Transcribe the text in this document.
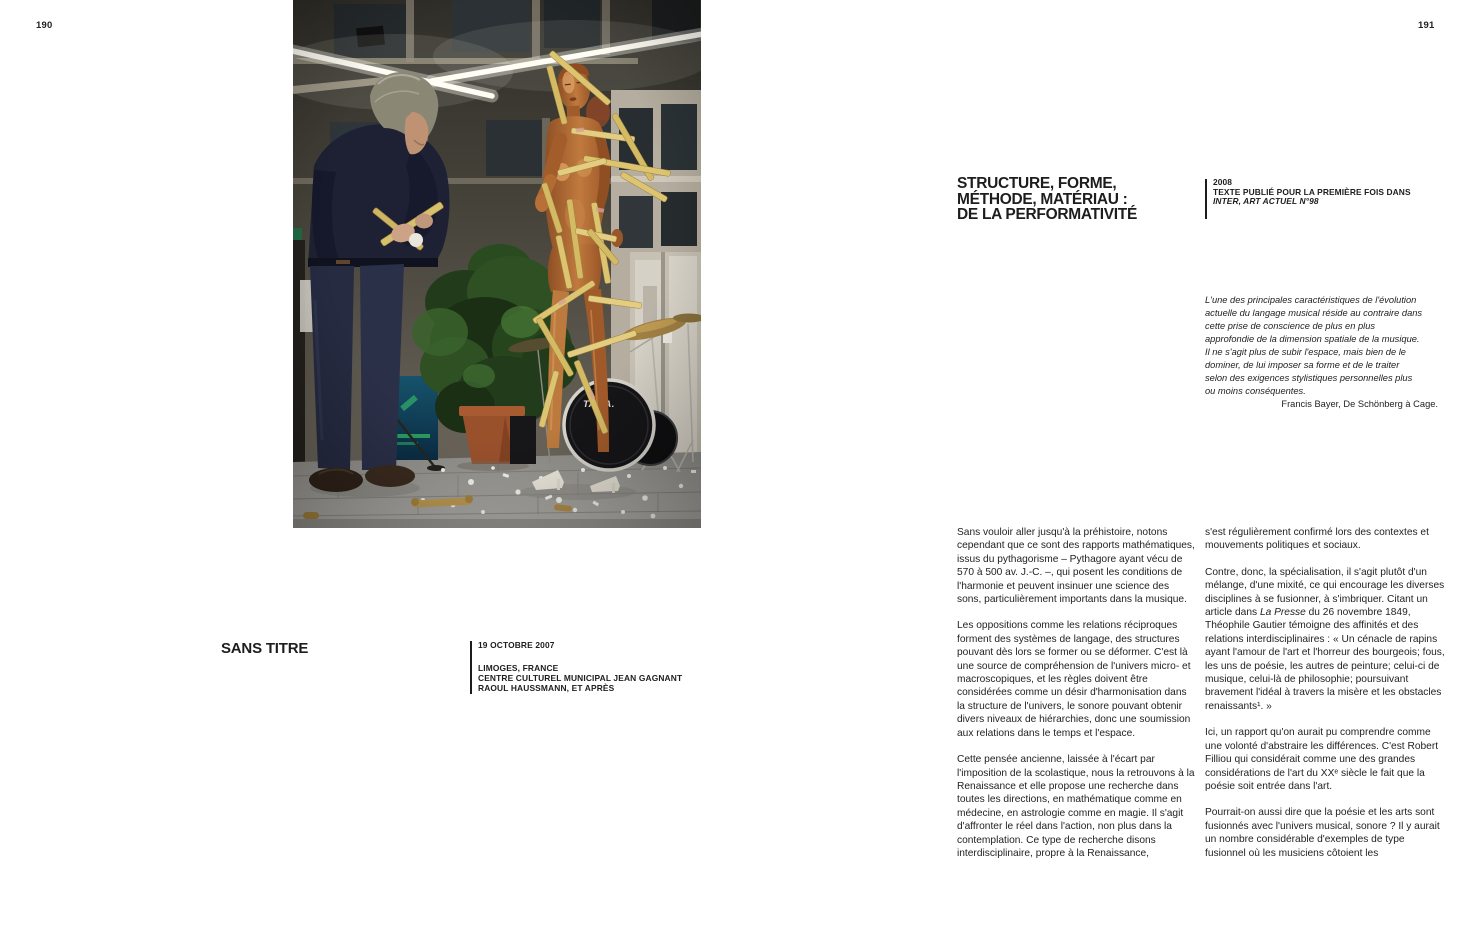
190	191
SANS TITRE	19 OCTOBRE 2007
LIMOGES, FRANCE
CENTRE CULTUREL MUNICIPAL JEAN GAGNANT
RAOUL HAUSSMANN, ET APRÈS
STRUCTURE, FORME,
MÉTHODE, MATÉRIAU :
DE LA PERFORMATIVITÉ
2008
TEXTE PUBLIÉ POUR LA PREMIÈRE FOIS DANS
INTER, ART ACTUEL N°98
L'une des principales caractéristiques de l'évolution actuelle du langage musical réside au contraire dans cette prise de conscience de plus en plus approfondie de la dimension spatiale de la musique. Il ne s'agit plus de subir l'espace, mais bien de le dominer, de lui imposer sa forme et de le traiter selon des exigences stylistiques personnelles plus ou moins conséquentes.
Francis Bayer, De Schönberg à Cage.

Sans vouloir aller jusqu'à la préhistoire, notons cependant que ce sont des rapports mathématiques, issus du pythagorisme – Pythagore ayant vécu de 570 à 500 av. J.-C. –, qui posent les conditions de l'harmonie et peuvent insinuer une science des sons, particulièrement importants dans la musique.

Les oppositions comme les relations réciproques forment des systèmes de langage, des structures pouvant dès lors se former ou se déformer. C'est là une source de compréhension de l'univers micro- et macroscopiques, et les règles doivent être considérées comme un désir d'harmonisation dans la structure de l'univers, le sonore pouvant obtenir divers niveaux de hiérarchies, donc une soumission aux relations dans le temps et l'espace.

Cette pensée ancienne, laissée à l'écart par l'imposition de la scolastique, nous la retrouvons à la Renaissance et elle propose une recherche dans toutes les directions, en mathématique comme en médecine, en astrologie comme en magie. Il s'agit d'affronter le réel dans l'action, non plus dans la contemplation. Ce type de recherche disons interdisciplinaire, propre à la Renaissance,

s'est régulièrement confirmé lors des contextes et mouvements politiques et sociaux.

Contre, donc, la spécialisation, il s'agit plutôt d'un mélange, d'une mixité, ce qui encourage les diverses disciplines à se fusionner, à s'imbriquer. Citant un article dans La Presse du 26 novembre 1849, Théophile Gautier témoigne des affinités et des relations interdisciplinaires : « Un cénacle de rapins ayant l'amour de l'art et l'horreur des bourgeois; fous, les uns de poésie, les autres de peinture; celui-ci de musique, celui-là de philosophie; poursuivant bravement l'idéal à travers la misère et les obstacles renaissants¹. »

Ici, un rapport qu'on aurait pu comprendre comme une volonté d'abstraire les différences. C'est Robert Filliou qui considérait comme une des grandes considérations de l'art du XXᵉ siècle le fait que la poésie soit entrée dans l'art.

Pourrait-on aussi dire que la poésie et les arts sont fusionnés avec l'univers musical, sonore ? Il y aurait un nombre considérable d'exemples de type fusionnel où les musiciens côtoient les
